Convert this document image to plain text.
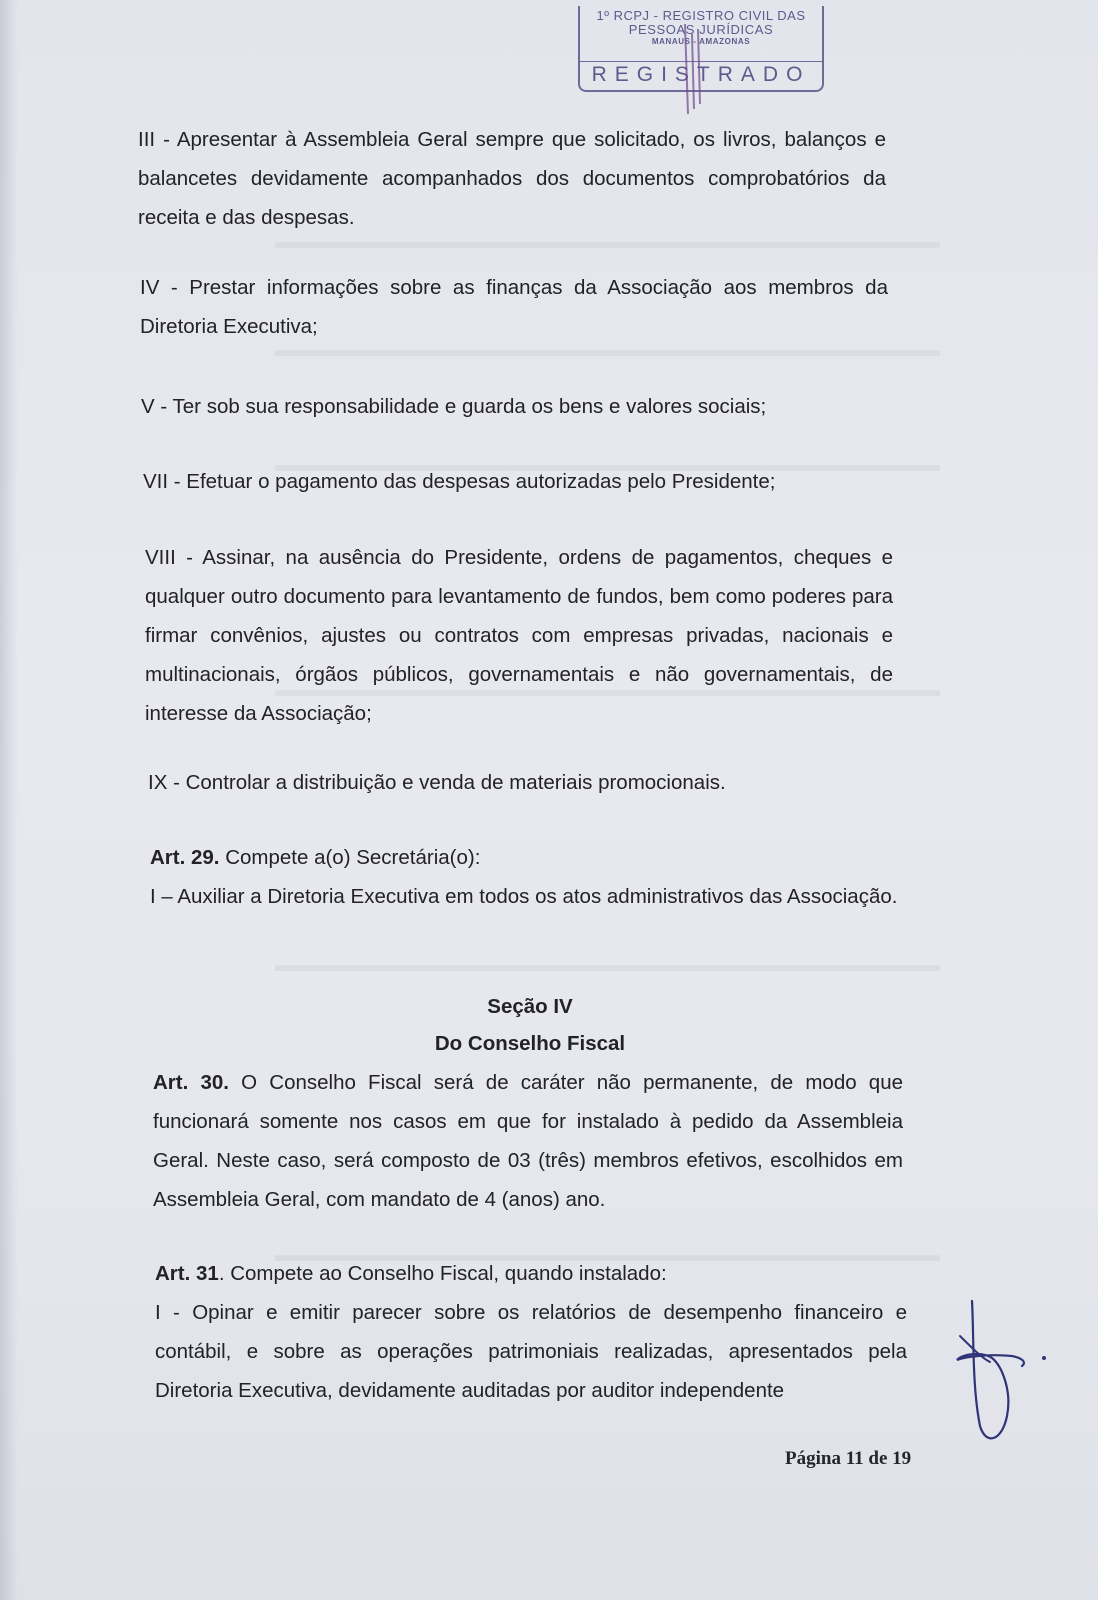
▬▬▬▬▬▬▬▬▬▬▬▬▬▬▬▬▬▬▬▬▬▬▬▬▬▬▬▬▬▬▬▬▬▬▬
▬▬▬▬▬▬▬▬▬▬▬▬▬▬▬▬▬▬▬▬▬▬▬▬▬▬▬▬▬▬▬▬▬▬▬
▬▬▬▬▬▬▬▬▬▬▬▬▬▬▬▬▬▬▬▬▬▬▬▬▬▬▬▬▬▬▬▬▬▬▬
▬▬▬▬▬▬▬▬▬▬▬▬▬▬▬▬▬▬▬▬▬▬▬▬▬▬▬▬▬▬▬▬▬▬▬
▬▬▬▬▬▬▬▬▬▬▬▬▬▬▬▬▬▬▬▬▬▬▬▬▬▬▬▬▬▬▬▬▬▬▬
▬▬▬▬▬▬▬▬▬▬▬▬▬▬▬▬▬▬▬▬▬▬▬▬▬▬▬▬▬▬▬▬▬▬▬
1º RCPJ - REGISTRO CIVIL DAS
PESSOAS JURÍDICAS
MANAUS - AMAZONAS
REGISTRADO
III - Apresentar à Assembleia Geral sempre que solicitado, os livros, balanços e balancetes devidamente acompanhados dos documentos comprobatórios da receita e das despesas.
IV - Prestar informações sobre as finanças da Associação aos membros da Diretoria Executiva;
V - Ter sob sua responsabilidade e guarda os bens e valores sociais;
VII - Efetuar o pagamento das despesas autorizadas pelo Presidente;
VIII - Assinar, na ausência do Presidente, ordens de pagamentos, cheques e qualquer outro documento para levantamento de fundos, bem como poderes para firmar convênios, ajustes ou contratos com empresas privadas, nacionais e multinacionais, órgãos públicos, governamentais e não governamentais, de interesse da Associação;
IX - Controlar a distribuição e venda de materiais promocionais.
Art. 29. Compete a(o) Secretária(o):
I – Auxiliar a Diretoria Executiva em todos os atos administrativos das Associação.
Seção IV
Do Conselho Fiscal
Art. 30. O Conselho Fiscal será de caráter não permanente, de modo que funcionará somente nos casos em que for instalado à pedido da Assembleia Geral. Neste caso, será composto de 03 (três) membros efetivos, escolhidos em Assembleia Geral, com mandato de 4 (anos) ano.
Art. 31. Compete ao Conselho Fiscal, quando instalado:
I - Opinar e emitir parecer sobre os relatórios de desempenho financeiro e contábil, e sobre as operações patrimoniais realizadas, apresentados pela Diretoria Executiva, devidamente auditadas por auditor independente
Página 11 de 19
